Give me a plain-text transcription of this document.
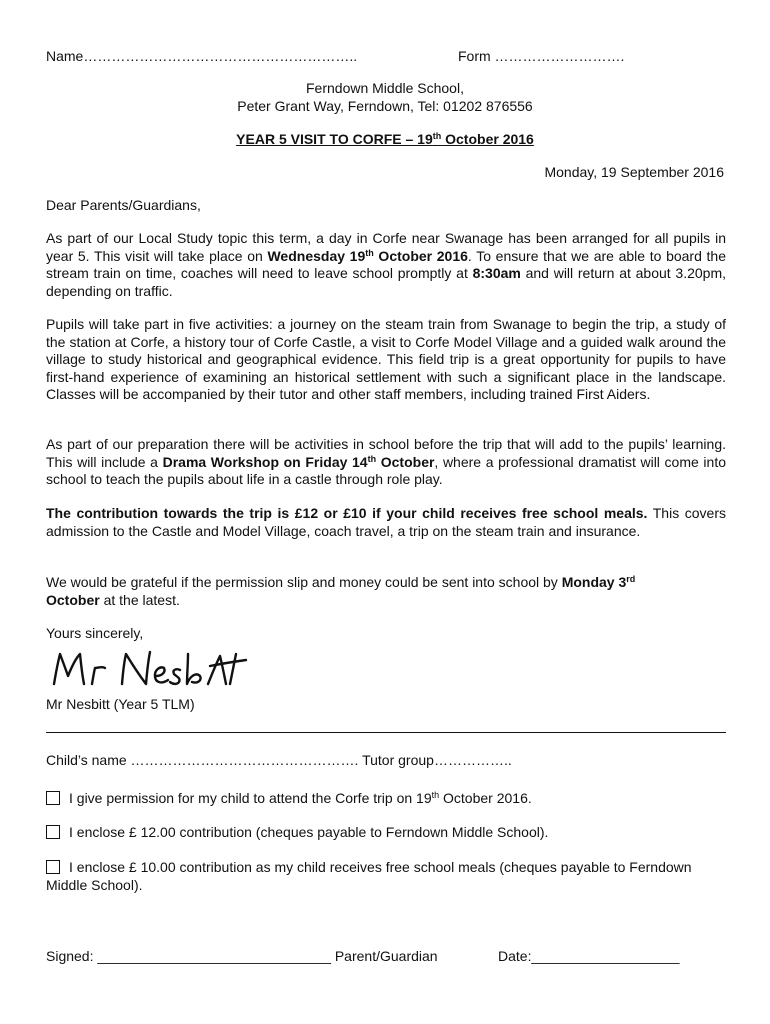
Name…………………………………………………..	Form ……………………….
Ferndown Middle School,
Peter Grant Way, Ferndown, Tel: 01202 876556
YEAR 5 VISIT TO CORFE – 19th October 2016
Monday, 19 September 2016
Dear Parents/Guardians,
As part of our Local Study topic this term, a day in Corfe near Swanage has been arranged for all pupils in year 5. This visit will take place on Wednesday 19th October 2016. To ensure that we are able to board the stream train on time, coaches will need to leave school promptly at 8:30am and will return at about 3.20pm, depending on traffic.
Pupils will take part in five activities: a journey on the steam train from Swanage to begin the trip, a study of the station at Corfe, a history tour of Corfe Castle, a visit to Corfe Model Village and a guided walk around the village to study historical and geographical evidence. This field trip is a great opportunity for pupils to have first-hand experience of examining an historical settlement with such a significant place in the landscape. Classes will be accompanied by their tutor and other staff members, including trained First Aiders.
As part of our preparation there will be activities in school before the trip that will add to the pupils’ learning. This will include a Drama Workshop on Friday 14th October, where a professional dramatist will come into school to teach the pupils about life in a castle through role play.
The contribution towards the trip is £12 or £10 if your child receives free school meals. This covers admission to the Castle and Model Village, coach travel, a trip on the steam train and insurance.
We would be grateful if the permission slip and money could be sent into school by Monday 3rd
October at the latest.
Yours sincerely,
Mr Nesbitt (Year 5 TLM)
Child’s name …………………………………………. Tutor group……………..
I give permission for my child to attend the Corfe trip on 19th October 2016.
I enclose £ 12.00 contribution (cheques payable to Ferndown Middle School).
I enclose £ 10.00 contribution as my child receives free school meals (cheques payable to Ferndown Middle School).
Signed: ______________________________ Parent/Guardian	Date:___________________
